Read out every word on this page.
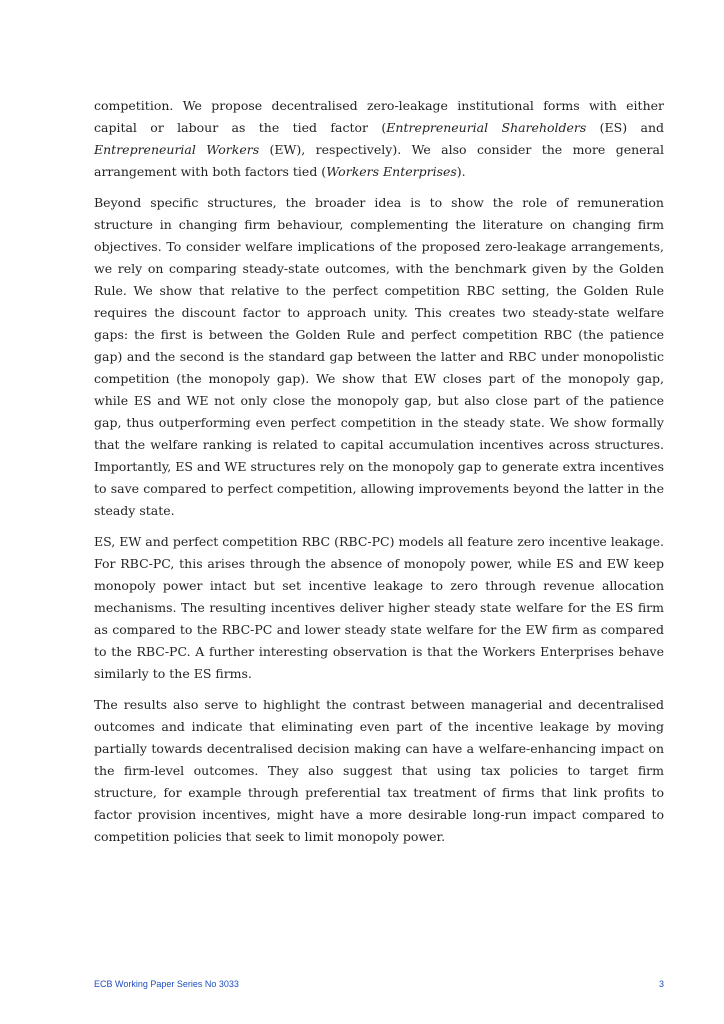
competition. We propose decentralised zero-leakage institutional forms with either capital or labour as the tied factor (Entrepreneurial Shareholders (ES) and Entrepreneurial Workers (EW), respectively). We also consider the more general arrangement with both factors tied (Workers Enterprises).

Beyond specific structures, the broader idea is to show the role of remuneration structure in changing firm behaviour, complementing the literature on changing firm objectives. To consider welfare implications of the proposed zero-leakage arrangements, we rely on comparing steady-state outcomes, with the benchmark given by the Golden Rule. We show that relative to the perfect competition RBC setting, the Golden Rule requires the discount factor to approach unity. This creates two steady-state welfare gaps: the first is between the Golden Rule and perfect competition RBC (the patience gap) and the second is the standard gap between the latter and RBC under monopolistic competition (the monopoly gap). We show that EW closes part of the monopoly gap, while ES and WE not only close the monopoly gap, but also close part of the patience gap, thus outperforming even perfect competition in the steady state. We show formally that the welfare ranking is related to capital accumulation incentives across structures. Importantly, ES and WE structures rely on the monopoly gap to generate extra incentives to save compared to perfect competition, allowing improvements beyond the latter in the steady state.

ES, EW and perfect competition RBC (RBC-PC) models all feature zero incentive leakage. For RBC-PC, this arises through the absence of monopoly power, while ES and EW keep monopoly power intact but set incentive leakage to zero through revenue allocation mechanisms. The resulting incentives deliver higher steady state welfare for the ES firm as compared to the RBC-PC and lower steady state welfare for the EW firm as compared to the RBC-PC. A further interesting observation is that the Workers Enterprises behave similarly to the ES firms.

The results also serve to highlight the contrast between managerial and decentralised outcomes and indicate that eliminating even part of the incentive leakage by moving partially towards decentralised decision making can have a welfare-enhancing impact on the firm-level outcomes. They also suggest that using tax policies to target firm structure, for example through preferential tax treatment of firms that link profits to factor provision incentives, might have a more desirable long-run impact compared to competition policies that seek to limit monopoly power.

ECB Working Paper Series No 3033	3
